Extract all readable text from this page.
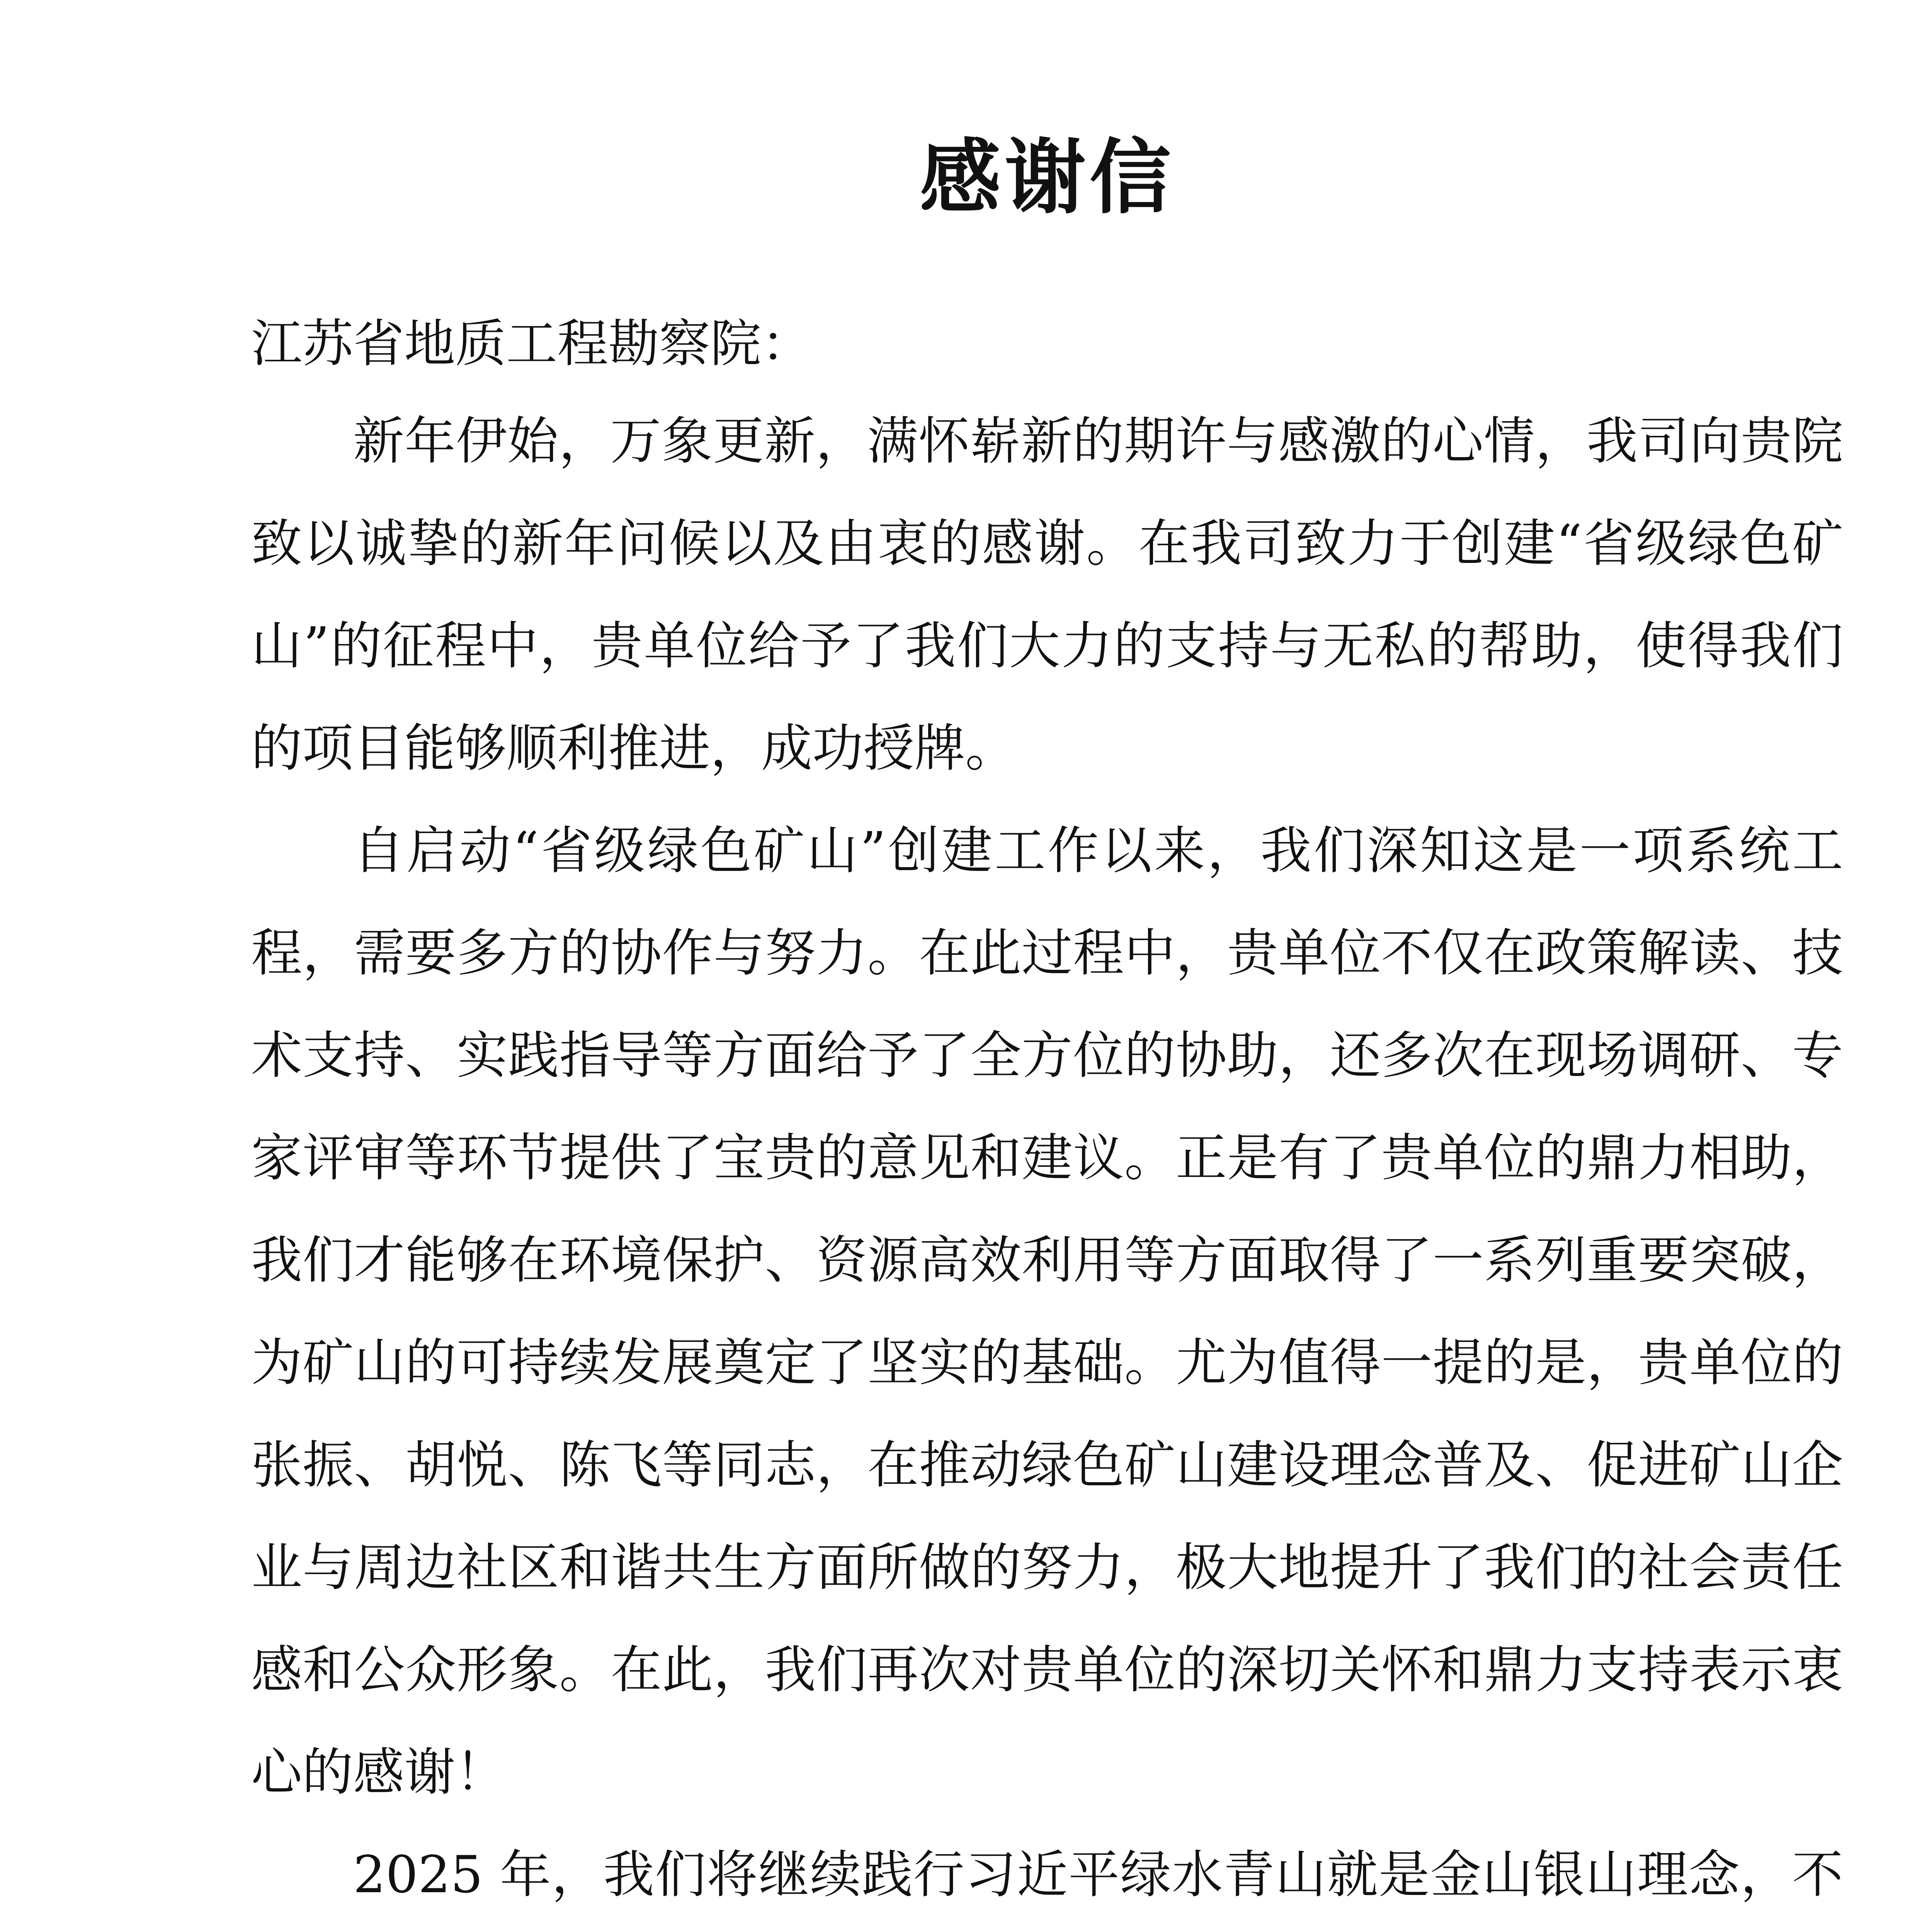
感谢信
江苏省地质工程勘察院：

新年伊始，万象更新，满怀崭新的期许与感激的心情，我司向贵院致以诚挚的新年问候以及由衷的感谢。在我司致力于创建“省级绿色矿山”的征程中，贵单位给予了我们大力的支持与无私的帮助，使得我们的项目能够顺利推进，成功授牌。

自启动“省级绿色矿山”创建工作以来，我们深知这是一项系统工程，需要多方的协作与努力。在此过程中，贵单位不仅在政策解读、技术支持、实践指导等方面给予了全方位的协助，还多次在现场调研、专家评审等环节提供了宝贵的意见和建议。正是有了贵单位的鼎力相助，我们才能够在环境保护、资源高效利用等方面取得了一系列重要突破，为矿山的可持续发展奠定了坚实的基础。尤为值得一提的是，贵单位的张振、胡悦、陈飞等同志，在推动绿色矿山建设理念普及、促进矿山企业与周边社区和谐共生方面所做的努力，极大地提升了我们的社会责任感和公众形象。在此，我们再次对贵单位的深切关怀和鼎力支持表示衷心的感谢！

2025 年，我们将继续践行习近平绿水青山就是金山银山理念，不
